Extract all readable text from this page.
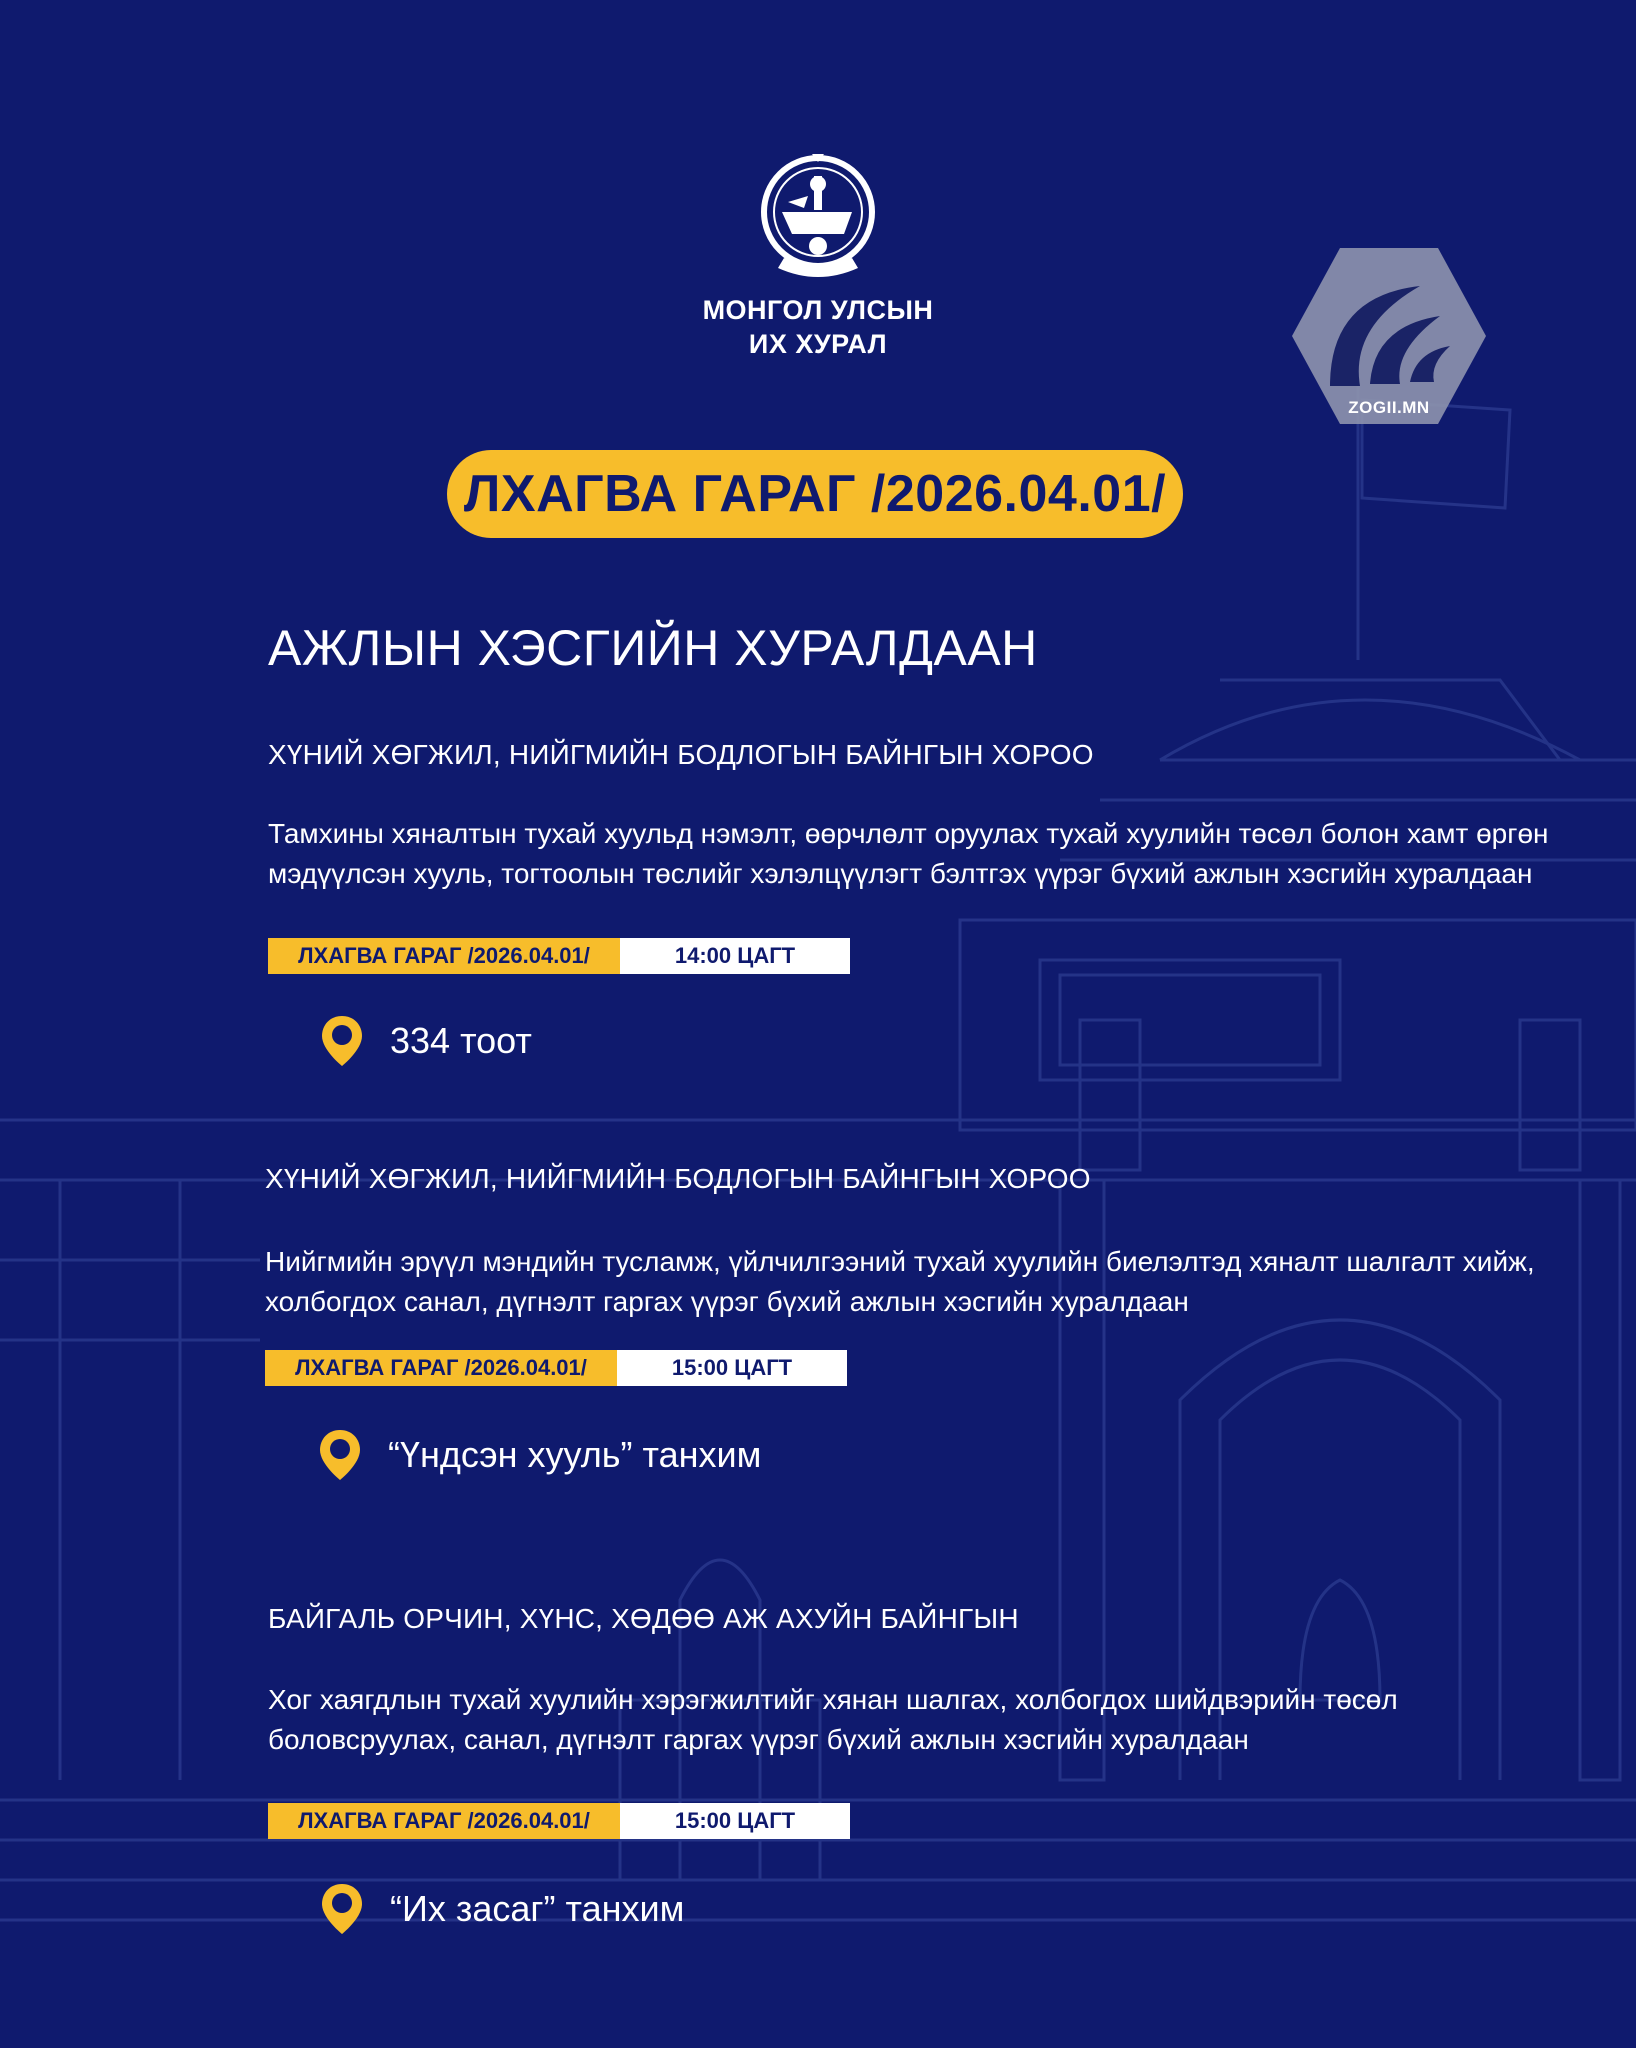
МОНГОЛ УЛСЫН
ИХ ХУРАЛ
ZOGII.MN
ЛХАГВА ГАРАГ /2026.04.01/
АЖЛЫН ХЭСГИЙН ХУРАЛДААН
ХҮНИЙ ХӨГЖИЛ, НИЙГМИЙН БОДЛОГЫН БАЙНГЫН ХОРОО
Тамхины хяналтын тухай хуульд нэмэлт, өөрчлөлт оруулах тухай хуулийн төсөл болон хамт өргөн
мэдүүлсэн хууль, тогтоолын төслийг хэлэлцүүлэгт бэлтгэх үүрэг бүхий ажлын хэсгийн хуралдаан
ЛХАГВА ГАРАГ /2026.04.01/	14:00 ЦАГТ
334 тоот
ХҮНИЙ ХӨГЖИЛ, НИЙГМИЙН БОДЛОГЫН БАЙНГЫН ХОРОО
Нийгмийн эрүүл мэндийн тусламж, үйлчилгээний тухай хуулийн биелэлтэд хяналт шалгалт хийж,
холбогдох санал, дүгнэлт гаргах үүрэг бүхий ажлын хэсгийн хуралдаан
ЛХАГВА ГАРАГ /2026.04.01/	15:00 ЦАГТ
“Үндсэн хууль” танхим
БАЙГАЛЬ ОРЧИН, ХҮНС, ХӨДӨӨ АЖ АХУЙН БАЙНГЫН
Хог хаягдлын тухай хуулийн хэрэгжилтийг хянан шалгах, холбогдох шийдвэрийн төсөл
боловсруулах, санал, дүгнэлт гаргах үүрэг бүхий ажлын хэсгийн хуралдаан
ЛХАГВА ГАРАГ /2026.04.01/	15:00 ЦАГТ
“Их засаг” танхим
